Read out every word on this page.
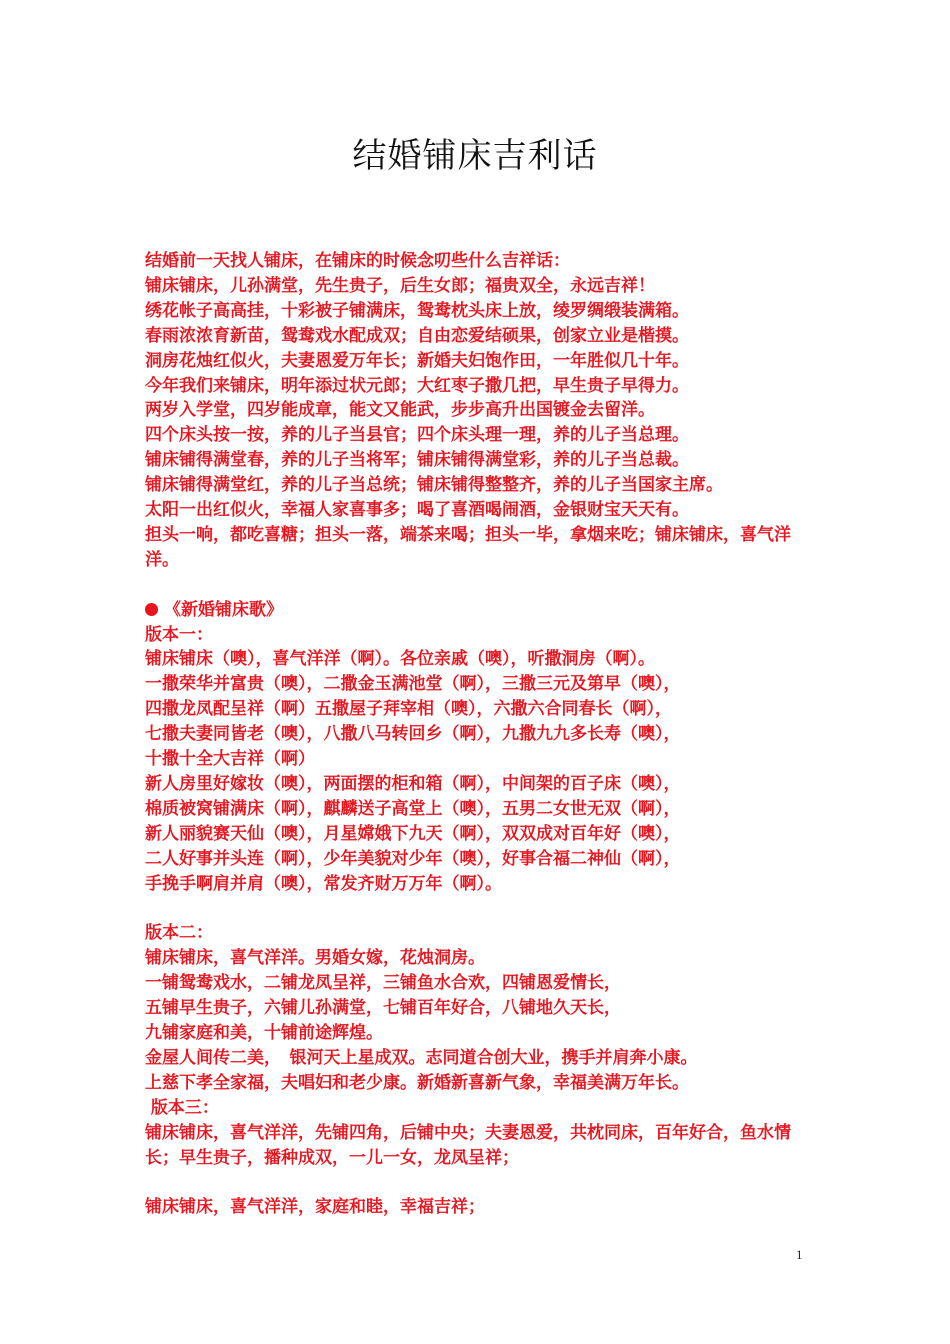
结婚铺床吉利话

结婚前一天找人铺床，在铺床的时候念叨些什么吉祥话：

铺床铺床，儿孙满堂，先生贵子，后生女郎；福贵双全，永远吉祥！

绣花帐子高高挂，十彩被子铺满床，鸳鸯枕头床上放，绫罗绸缎装满箱。

春雨浓浓育新苗，鸳鸯戏水配成双；自由恋爱结硕果，创家立业是楷摸。

洞房花烛红似火，夫妻恩爱万年长；新婚夫妇饱作田，一年胜似几十年。

今年我们来铺床，明年添过状元郎；大红枣子撒几把，早生贵子早得力。

两岁入学堂，四岁能成章，能文又能武，步步高升出国镀金去留洋。

四个床头按一按，养的儿子当县官；四个床头理一理，养的儿子当总理。

铺床铺得满堂春，养的儿子当将军；铺床铺得满堂彩，养的儿子当总裁。

铺床铺得满堂红，养的儿子当总统；铺床铺得整整齐，养的儿子当国家主席。

太阳一出红似火，幸福人家喜事多；喝了喜酒喝闹酒，金银财宝天天有。

担头一响，都吃喜糖；担头一落，端茶来喝；担头一毕，拿烟来吃；铺床铺床，喜气洋洋。

《新婚铺床歌》

版本一：

铺床铺床（噢），喜气洋洋（啊）。各位亲戚（噢），听撒洞房（啊）。

一撒荣华并富贵（噢），二撒金玉满池堂（啊），三撒三元及第早（噢），

四撒龙凤配呈祥（啊）五撒屋子拜宰相（噢），六撒六合同春长（啊），

七撒夫妻同皆老（噢），八撒八马转回乡（啊），九撒九九多长寿（噢），

十撒十全大吉祥（啊）

新人房里好嫁妆（噢），两面摆的柜和箱（啊），中间架的百子床（噢），

棉质被窝铺满床（啊），麒麟送子高堂上（噢），五男二女世无双（啊），

新人丽貌赛天仙（噢），月星嫦娥下九天（啊），双双成对百年好（噢），

二人好事并头连（啊），少年美貌对少年（噢），好事合福二神仙（啊），

手挽手啊肩并肩（噢），常发齐财万万年（啊）。

版本二：

铺床铺床，喜气洋洋。男婚女嫁，花烛洞房。

一铺鸳鸯戏水，二铺龙凤呈祥，三铺鱼水合欢，四铺恩爱情长，

五铺早生贵子，六铺儿孙满堂，七铺百年好合，八铺地久天长，

九铺家庭和美，十铺前途辉煌。

金屋人间传二美，　银河天上星成双。志同道合创大业，携手并肩奔小康。

上慈下孝全家福，夫唱妇和老少康。新婚新喜新气象，幸福美满万年长。

版本三：

铺床铺床，喜气洋洋，先铺四角，后铺中央；夫妻恩爱，共枕同床，百年好合，鱼水情长；早生贵子，播种成双，一儿一女，龙凤呈祥；

铺床铺床，喜气洋洋，家庭和睦，幸福吉祥；

1
